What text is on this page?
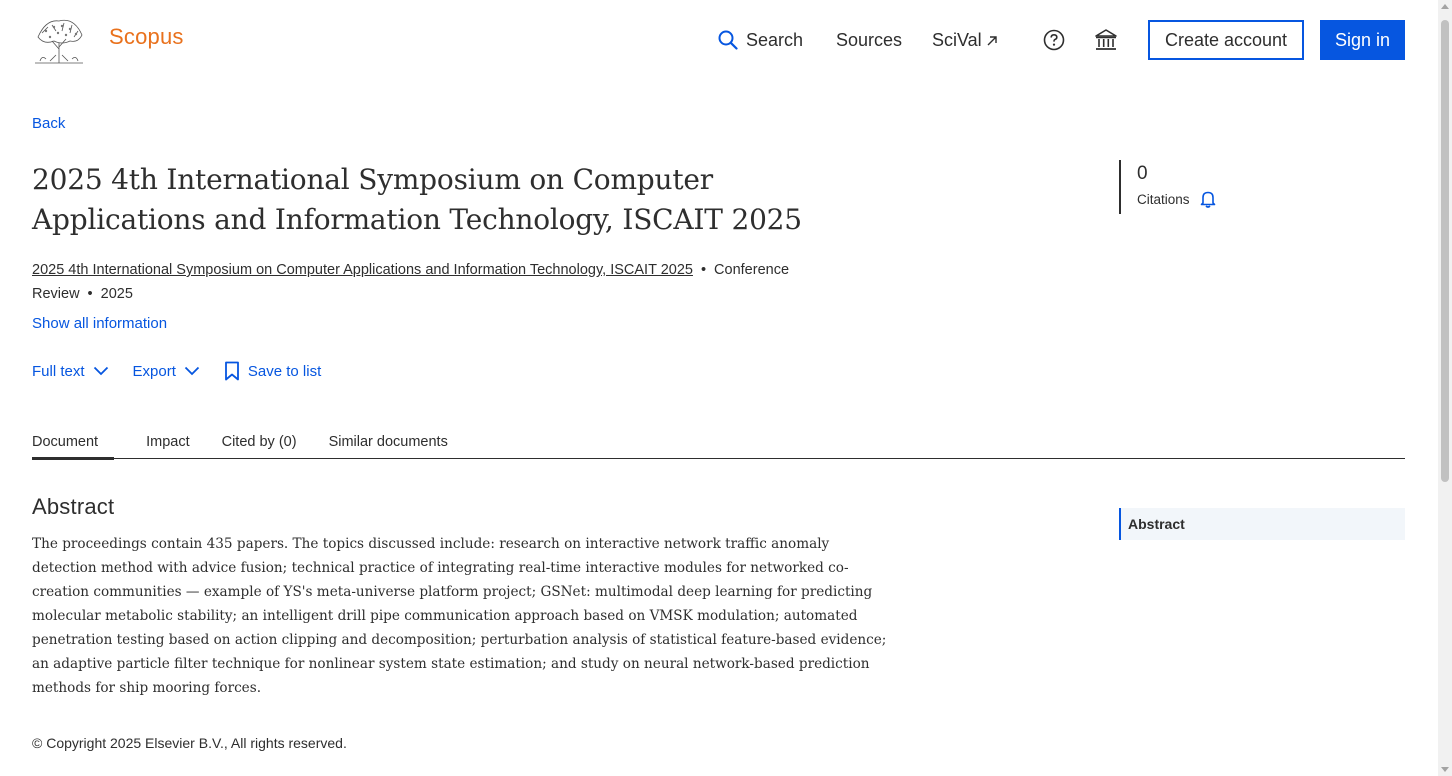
Scopus	Search Sources SciVal	Create account	Sign in
Back
2025 4th International Symposium on Computer Applications and Information Technology, ISCAIT 2025
2025 4th International Symposium on Computer Applications and Information Technology, ISCAIT 2025 • Conference Review • 2025
Show all information
Full text	Export	Save to list
0
Citations
Document	Impact Cited by (0) Similar documents
Abstract

The proceedings contain 435 papers. The topics discussed include: research on interactive network traffic anomaly detection method with advice fusion; technical practice of integrating real-time interactive modules for networked co-creation communities — example of YS's meta-universe platform project; GSNet: multimodal deep learning for predicting molecular metabolic stability; an intelligent drill pipe communication approach based on VMSK modulation; automated penetration testing based on action clipping and decomposition; perturbation analysis of statistical feature-based evidence; an adaptive particle filter technique for nonlinear system state estimation; and study on neural network-based prediction methods for ship mooring forces.

Abstract
© Copyright 2025 Elsevier B.V., All rights reserved.
